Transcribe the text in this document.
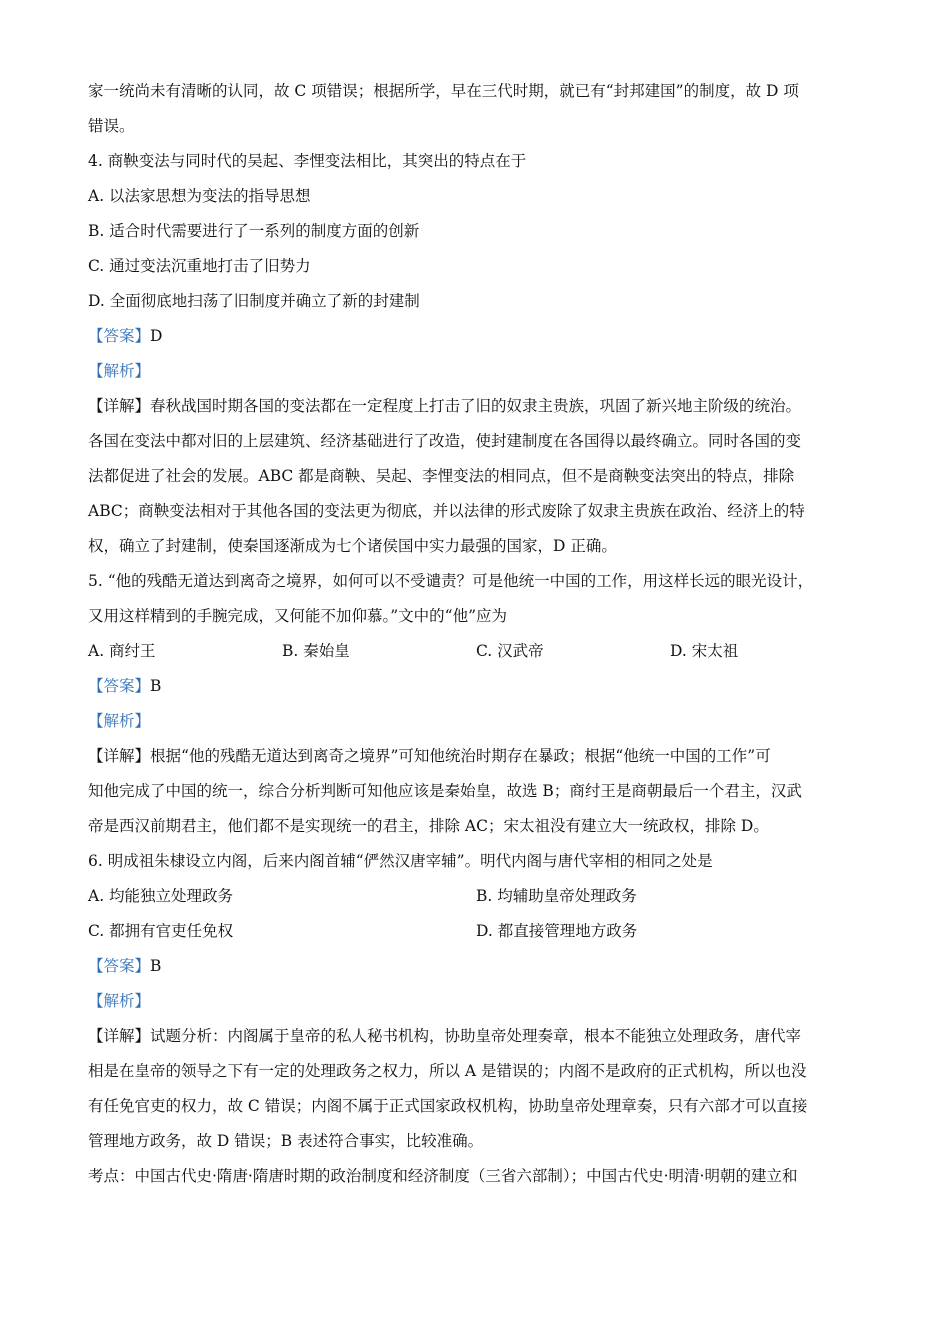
家一统尚未有清晰的认同，故 C 项错误；根据所学，早在三代时期，就已有“封邦建国”的制度，故 D 项

错误。

4. 商鞅变法与同时代的吴起、李悝变法相比，其突出的特点在于

A. 以法家思想为变法的指导思想

B. 适合时代需要进行了一系列的制度方面的创新

C. 通过变法沉重地打击了旧势力

D. 全面彻底地扫荡了旧制度并确立了新的封建制

【答案】D

【解析】

【详解】春秋战国时期各国的变法都在一定程度上打击了旧的奴隶主贵族，巩固了新兴地主阶级的统治。

各国在变法中都对旧的上层建筑、经济基础进行了改造，使封建制度在各国得以最终确立。同时各国的变

法都促进了社会的发展。ABC 都是商鞅、吴起、李悝变法的相同点，但不是商鞅变法突出的特点，排除

ABC；商鞅变法相对于其他各国的变法更为彻底，并以法律的形式废除了奴隶主贵族在政治、经济上的特

权，确立了封建制，使秦国逐渐成为七个诸侯国中实力最强的国家，D 正确。

5. “他的残酷无道达到离奇之境界，如何可以不受谴责？可是他统一中国的工作，用这样长远的眼光设计，

又用这样精到的手腕完成，又何能不加仰慕。”文中的“他”应为

A. 商纣王	B. 秦始皇	C. 汉武帝	D. 宋太祖

【答案】B

【解析】

【详解】根据“他的残酷无道达到离奇之境界”可知他统治时期存在暴政；根据“他统一中国的工作”可

知他完成了中国的统一，综合分析判断可知他应该是秦始皇，故选 B；商纣王是商朝最后一个君主，汉武

帝是西汉前期君主，他们都不是实现统一的君主，排除 AC；宋太祖没有建立大一统政权，排除 D。

6. 明成祖朱棣设立内阁，后来内阁首辅“俨然汉唐宰辅”。明代内阁与唐代宰相的相同之处是

A. 均能独立处理政务	B. 均辅助皇帝处理政务
C. 都拥有官吏任免权	D. 都直接管理地方政务

【答案】B

【解析】

【详解】试题分析：内阁属于皇帝的私人秘书机构，协助皇帝处理奏章，根本不能独立处理政务，唐代宰

相是在皇帝的领导之下有一定的处理政务之权力，所以 A 是错误的；内阁不是政府的正式机构，所以也没

有任免官吏的权力，故 C 错误；内阁不属于正式国家政权机构，协助皇帝处理章奏，只有六部才可以直接

管理地方政务，故 D 错误；B 表述符合事实，比较准确。

考点：中国古代史·隋唐·隋唐时期的政治制度和经济制度（三省六部制）；中国古代史·明清·明朝的建立和
